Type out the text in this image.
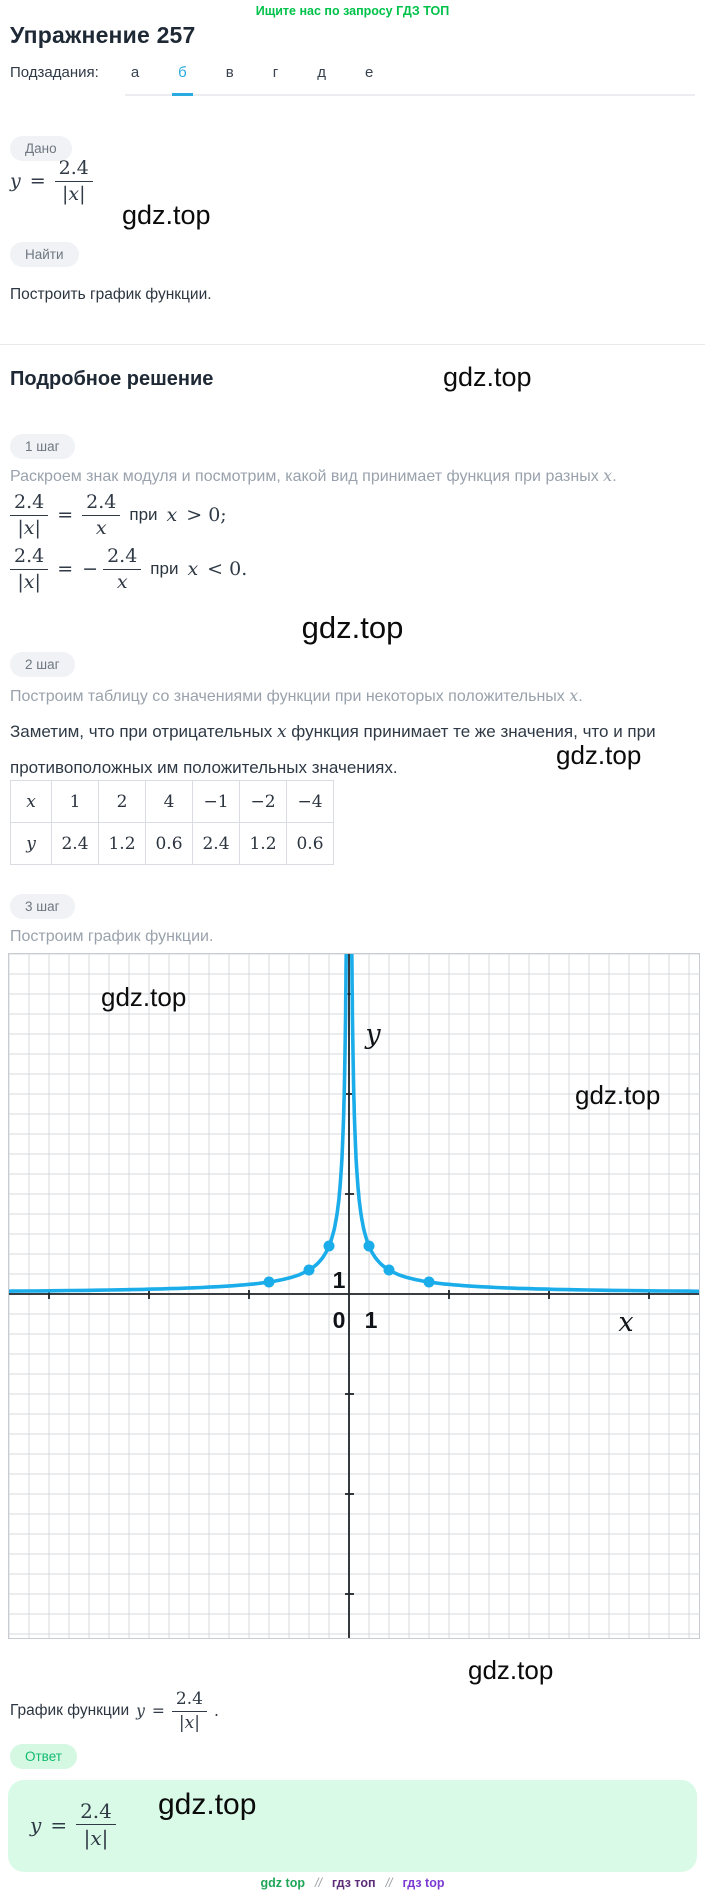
Ищите нас по запросу ГДЗ ТОП
Упражнение 257
Подзадания:	а	б	в	г	д	е
Дано
$y = \frac{2.4}{|x|}$
gdz.top
Найти
Построить график функции.
Подробное решение	gdz.top
1 шаг
Раскроем знак модуля и посмотрим, какой вид принимает функция при разных x.
$\frac{2.4}{|x|} = \frac{2.4}{x}$ при x > 0;
$\frac{2.4}{|x|}$ = − $\frac{2.4}{x}$ при x < 0.
gdz.top
2 шаг
Построим таблицу со значениями функции при некоторых положительных x.
Заметим, что при отрицательных x функция принимает те же значения, что и при противоположных им положительных значениях.	gdz.top
x	1	2	4	−1	−2	−4
y	2.4	1.2	0.6	2.4	1.2	0.6
3 шаг
Построим график функции.
y
x
1
0 1
gdz.top
gdz.top
gdz.top
График функции $y = \frac{2.4}{|x|}$ .
Ответ
$y = \frac{2.4}{|x|} gdz.top$
gdz top // гдз топ // гдз top
